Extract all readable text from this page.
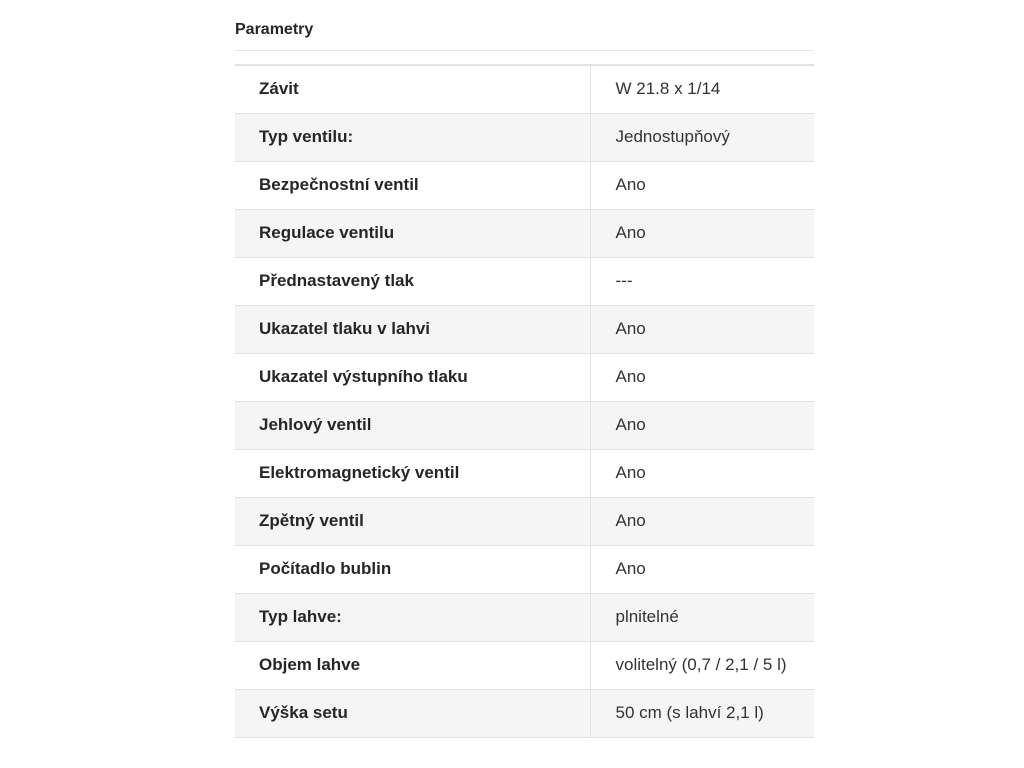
Parametry
Závit	W 21.8 x 1/14
Typ ventilu:	Jednostupňový
Bezpečnostní ventil	Ano
Regulace ventilu	Ano
Přednastavený tlak	---
Ukazatel tlaku v lahvi	Ano
Ukazatel výstupního tlaku	Ano
Jehlový ventil	Ano
Elektromagnetický ventil	Ano
Zpětný ventil	Ano
Počítadlo bublin	Ano
Typ lahve:	plnitelné
Objem lahve	volitelný (0,7 / 2,1 / 5 l)
Výška setu	50 cm (s lahví 2,1 l)
